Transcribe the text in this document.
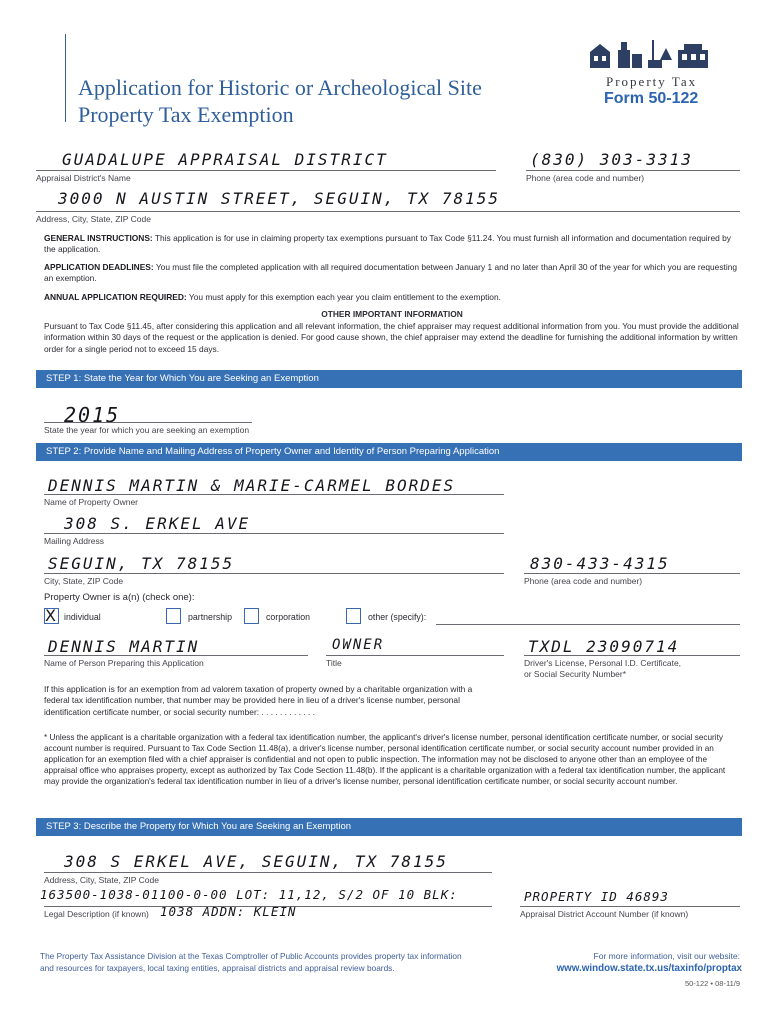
Application for Historic or Archeological Site
Property Tax Exemption
Property Tax
Form 50-122
GUADALUPE APPRAISAL DISTRICT
Appraisal District's Name
(830) 303-3313
Phone (area code and number)
3000 N AUSTIN STREET, SEGUIN, TX 78155
Address, City, State, ZIP Code
GENERAL INSTRUCTIONS: This application is for use in claiming property tax exemptions pursuant to Tax Code §11.24. You must furnish all information and documentation required by the application.
APPLICATION DEADLINES: You must file the completed application with all required documentation between January 1 and no later than April 30 of the year for which you are requesting an exemption.
ANNUAL APPLICATION REQUIRED: You must apply for this exemption each year you claim entitlement to the exemption.
OTHER IMPORTANT INFORMATION
Pursuant to Tax Code §11.45, after considering this application and all relevant information, the chief appraiser may request additional information from you. You must provide the additional information within 30 days of the request or the application is denied. For good cause shown, the chief appraiser may extend the deadline for furnishing the additional information by written order for a single period not to exceed 15 days.
STEP 1: State the Year for Which You are Seeking an Exemption
2015
State the year for which you are seeking an exemption
STEP 2: Provide Name and Mailing Address of Property Owner and Identity of Person Preparing Application
DENNIS MARTIN & MARIE-CARMEL BORDES
Name of Property Owner
308 S. ERKEL AVE
Mailing Address
SEGUIN, TX 78155
City, State, ZIP Code
830-433-4315
Phone (area code and number)
Property Owner is a(n) (check one):
X individual	partnership	corporation	other (specify):
DENNIS MARTIN
Name of Person Preparing this Application
OWNER
Title
TXDL 23090714
Driver's License, Personal I.D. Certificate,
or Social Security Number*
If this application is for an exemption from ad valorem taxation of property owned by a charitable organization with a federal tax identification number, that number may be provided here in lieu of a driver's license number, personal identification certificate number, or social security number: . . . . . . . . . . . .
* Unless the applicant is a charitable organization with a federal tax identification number, the applicant's driver's license number, personal identification certificate number, or social security account number is required. Pursuant to Tax Code Section 11.48(a), a driver's license number, personal identification certificate number, or social security account number provided in an application for an exemption filed with a chief appraiser is confidential and not open to public inspection. The information may not be disclosed to anyone other than an employee of the appraisal office who appraises property, except as authorized by Tax Code Section 11.48(b). If the applicant is a charitable organization with a federal tax identification number, the applicant may provide the organization's federal tax identification number in lieu of a driver's license number, personal identification certificate number, or social security account number.
STEP 3: Describe the Property for Which You are Seeking an Exemption
308 S ERKEL AVE, SEGUIN, TX 78155
Address, City, State, ZIP Code
163500-1038-01100-0-00 LOT: 11,12, S/2 OF 10 BLK:
1038 ADDN: KLEIN
Legal Description (if known)
PROPERTY ID 46893
Appraisal District Account Number (if known)
The Property Tax Assistance Division at the Texas Comptroller of Public Accounts provides property tax information and resources for taxpayers, local taxing entities, appraisal districts and appraisal review boards.
For more information, visit our website:
www.window.state.tx.us/taxinfo/proptax
50-122 • 08-11/9
